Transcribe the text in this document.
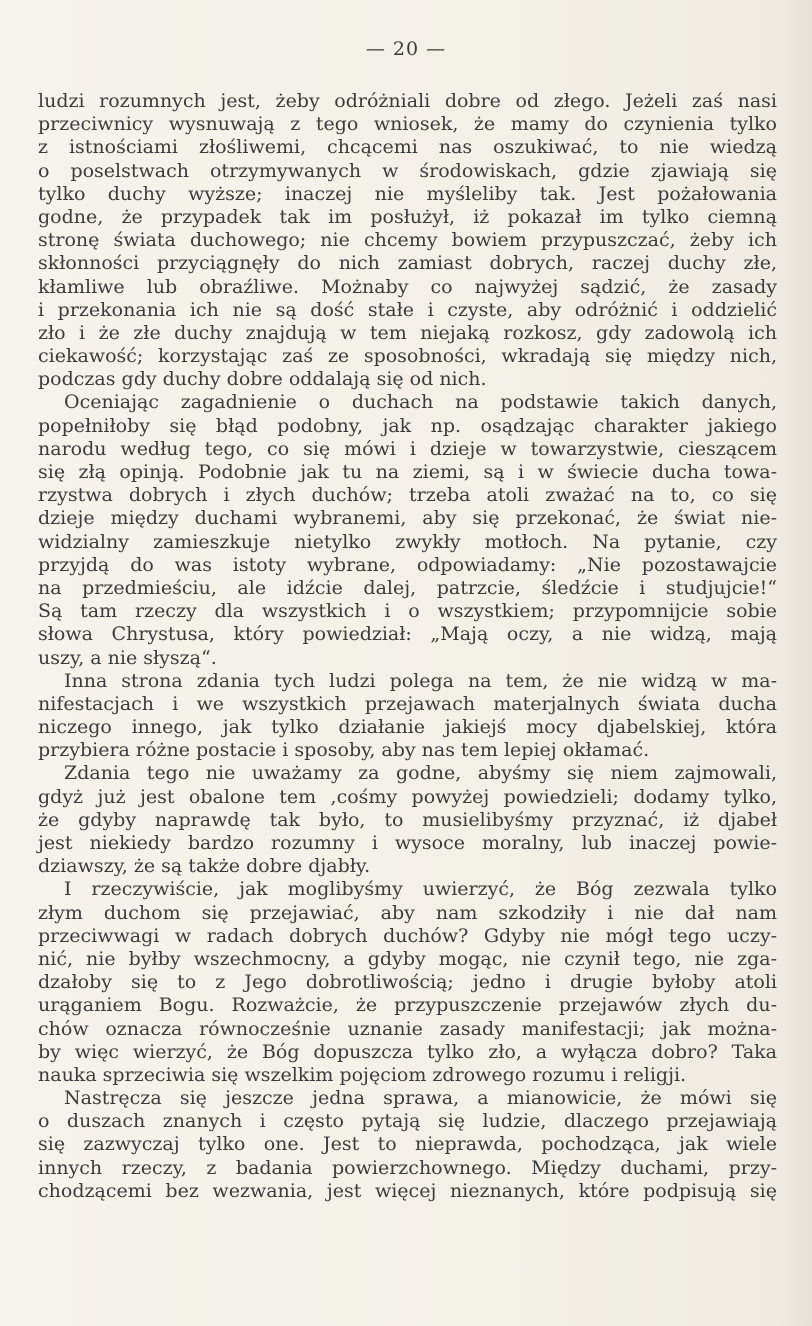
— 20 —
ludzi rozumnych jest, żeby odróżniali dobre od złego. Jeżeli zaś nasi
przeciwnicy wysnuwają z tego wniosek, że mamy do czynienia tylko
z istnościami złośliwemi, chcącemi nas oszukiwać, to nie wiedzą
o poselstwach otrzymywanych w środowiskach, gdzie zjawiają się
tylko duchy wyższe; inaczej nie myśleliby tak. Jest pożałowania
godne, że przypadek tak im posłużył, iż pokazał im tylko ciemną
stronę świata duchowego; nie chcemy bowiem przypuszczać, żeby ich
skłonności przyciągnęły do nich zamiast dobrych, raczej duchy złe,
kłamliwe lub obraźliwe. Możnaby co najwyżej sądzić, że zasady
i przekonania ich nie są dość stałe i czyste, aby odróżnić i oddzielić
zło i że złe duchy znajdują w tem niejaką rozkosz, gdy zadowolą ich
ciekawość; korzystając zaś ze sposobności, wkradają się między nich,
podczas gdy duchy dobre oddalają się od nich.
Oceniając zagadnienie o duchach na podstawie takich danych,
popełniłoby się błąd podobny, jak np. osądzając charakter jakiego
narodu według tego, co się mówi i dzieje w towarzystwie, cieszącem
się złą opinją. Podobnie jak tu na ziemi, są i w świecie ducha towa-
rzystwa dobrych i złych duchów; trzeba atoli zważać na to, co się
dzieje między duchami wybranemi, aby się przekonać, że świat nie-
widzialny zamieszkuje nietylko zwykły motłoch. Na pytanie, czy
przyjdą do was istoty wybrane, odpowiadamy: „Nie pozostawajcie
na przedmieściu, ale idźcie dalej, patrzcie, śledźcie i studjujcie!“
Są tam rzeczy dla wszystkich i o wszystkiem; przypomnijcie sobie
słowa Chrystusa, który powiedział: „Mają oczy, a nie widzą, mają
uszy, a nie słyszą“.
Inna strona zdania tych ludzi polega na tem, że nie widzą w ma-
nifestacjach i we wszystkich przejawach materjalnych świata ducha
niczego innego, jak tylko działanie jakiejś mocy djabelskiej, która
przybiera różne postacie i sposoby, aby nas tem lepiej okłamać.
Zdania tego nie uważamy za godne, abyśmy się niem zajmowali,
gdyż już jest obalone tem ,cośmy powyżej powiedzieli; dodamy tylko,
że gdyby naprawdę tak było, to musielibyśmy przyznać, iż djabeł
jest niekiedy bardzo rozumny i wysoce moralny, lub inaczej powie-
dziawszy, że są także dobre djabły.
I rzeczywiście, jak moglibyśmy uwierzyć, że Bóg zezwala tylko
złym duchom się przejawiać, aby nam szkodziły i nie dał nam
przeciwwagi w radach dobrych duchów? Gdyby nie mógł tego uczy-
nić, nie byłby wszechmocny, a gdyby mogąc, nie czynił tego, nie zga-
dzałoby się to z Jego dobrotliwością; jedno i drugie byłoby atoli
urąganiem Bogu. Rozważcie, że przypuszczenie przejawów złych du-
chów oznacza równocześnie uznanie zasady manifestacji; jak można-
by więc wierzyć, że Bóg dopuszcza tylko zło, a wyłącza dobro? Taka
nauka sprzeciwia się wszelkim pojęciom zdrowego rozumu i religji.
Nastręcza się jeszcze jedna sprawa, a mianowicie, że mówi się
o duszach znanych i często pytają się ludzie, dlaczego przejawiają
się zazwyczaj tylko one. Jest to nieprawda, pochodząca, jak wiele
innych rzeczy, z badania powierzchownego. Między duchami, przy-
chodzącemi bez wezwania, jest więcej nieznanych, które podpisują się
